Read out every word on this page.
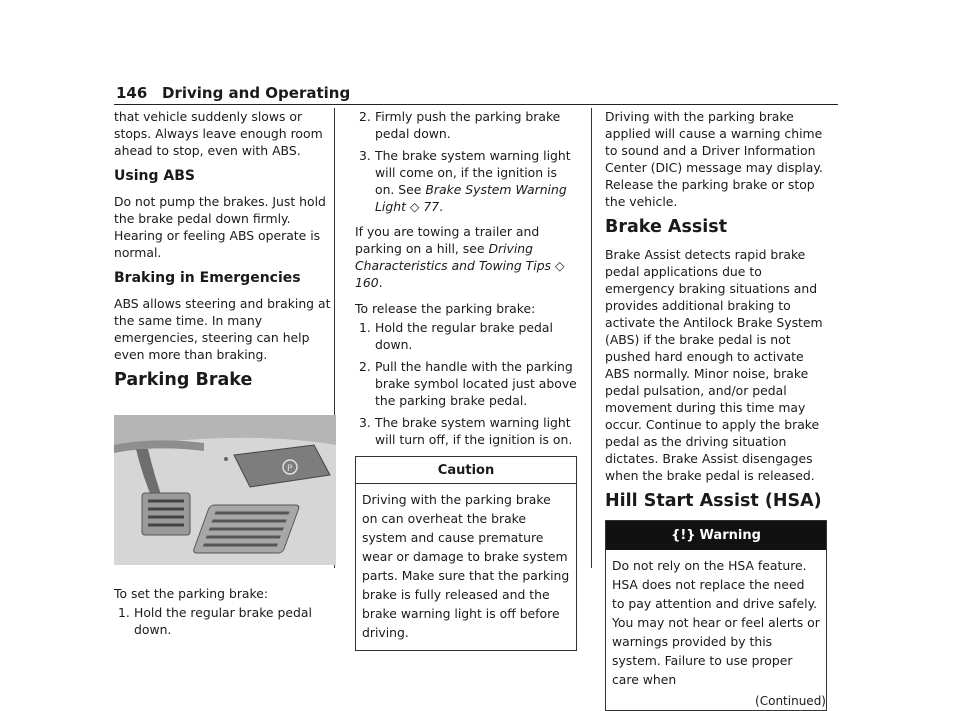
146 Driving and Operating

that vehicle suddenly slows or stops. Always leave enough room ahead to stop, even with ABS.

Using ABS

Do not pump the brakes. Just hold the brake pedal down firmly. Hearing or feeling ABS operate is normal.

Braking in Emergencies

ABS allows steering and braking at the same time. In many emergencies, steering can help even more than braking.

Parking Brake
P

To set the parking brake:

1. Hold the regular brake pedal down.
2. Firmly push the parking brake pedal down.
3. The brake system warning light will come on, if the ignition is on. See Brake System Warning Light ◇ 77.

If you are towing a trailer and parking on a hill, see Driving Characteristics and Towing Tips ◇ 160.

To release the parking brake:

1. Hold the regular brake pedal down.
2. Pull the handle with the parking brake symbol located just above the parking brake pedal.
3. The brake system warning light will turn off, if the ignition is on.
Caution
Driving with the parking brake on can overheat the brake system and cause premature wear or damage to brake system parts. Make sure that the parking brake is fully released and the brake warning light is off before driving.

Driving with the parking brake applied will cause a warning chime to sound and a Driver Information Center (DIC) message may display. Release the parking brake or stop the vehicle.

Brake Assist

Brake Assist detects rapid brake pedal applications due to emergency braking situations and provides additional braking to activate the Antilock Brake System (ABS) if the brake pedal is not pushed hard enough to activate ABS normally. Minor noise, brake pedal pulsation, and/or pedal movement during this time may occur. Continue to apply the brake pedal as the driving situation dictates. Brake Assist disengages when the brake pedal is released.

Hill Start Assist (HSA)
{!} Warning
Do not rely on the HSA feature. HSA does not replace the need to pay attention and drive safely. You may not hear or feel alerts or warnings provided by this system. Failure to use proper care when
(Continued)
